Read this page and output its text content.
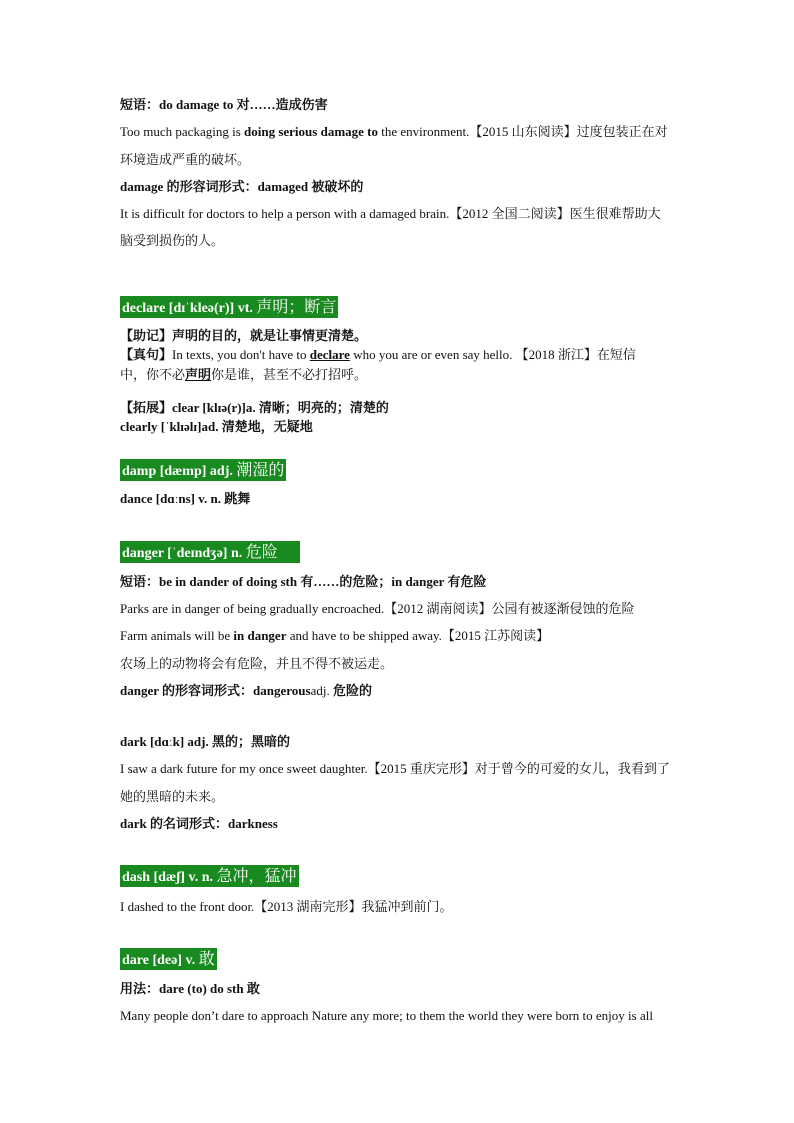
短语：do damage to 对……造成伤害

Too much packaging is doing serious damage to the environment.【2015 山东阅读】过度包装正在对

环境造成严重的破坏。

damage 的形容词形式：damaged 被破坏的

It is difficult for doctors to help a person with a damaged brain.【2012 全国二阅读】医生很难帮助大

脑受到损伤的人。

declare [dɪˈkleə(r)] vt. 声明；断言

【助记】声明的目的，就是让事情更清楚。

【真句】In texts, you don't have to declare who you are or even say hello. 【2018 浙江】在短信

中，你不必声明你是谁，甚至不必打招呼。

【拓展】clear [klɪə(r)]a. 清晰；明亮的；清楚的

clearly [ˈklɪəlɪ]ad. 清楚地，无疑地

damp [dæmp] adj. 潮湿的

dance [dɑːns] v. n. 跳舞

danger [ˈdeɪndʒə] n. 危险

短语：be in dander of doing sth 有……的危险；in danger 有危险

Parks are in danger of being gradually encroached.【2012 湖南阅读】公园有被逐渐侵蚀的危险

Farm animals will be in danger and have to be shipped away.【2015 江苏阅读】

农场上的动物将会有危险，并且不得不被运走。

danger 的形容词形式：dangerousadj. 危险的

dark [dɑːk] adj. 黑的；黑暗的

I saw a dark future for my once sweet daughter.【2015 重庆完形】对于曾今的可爱的女儿，我看到了

她的黑暗的未来。

dark 的名词形式：darkness

dash [dæʃ] v. n. 急冲，猛冲

I dashed to the front door.【2013 湖南完形】我猛冲到前门。

dare [deə] v. 敢

用法：dare (to) do sth 敢

Many people don’t dare to approach Nature any more; to them the world they were born to enjoy is all
